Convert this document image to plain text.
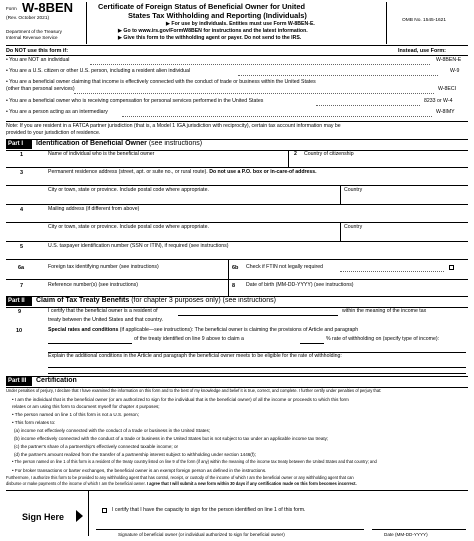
Form W-8BEN
(Rev. October 2021)
Department of the Treasury
Internal Revenue Service
Certificate of Foreign Status of Beneficial Owner for United
States Tax Withholding and Reporting (Individuals)
▶ For use by individuals. Entities must use Form W-8BEN-E.
▶ Go to www.irs.gov/FormW8BEN for instructions and the latest information.
▶ Give this form to the withholding agent or payer. Do not send to the IRS.
OMB No. 1545-1621
Do NOT use this form if:	Instead, use Form:
• You are NOT an individual	W-8BEN-E
• You are a U.S. citizen or other U.S. person, including a resident alien individual	W-9
• You are a beneficial owner claiming that income is effectively connected with the conduct of trade or business within the United States
(other than personal services)	W-8ECI
• You are a beneficial owner who is receiving compensation for personal services performed in the United States	8233 or W-4
• You are a person acting as an intermediary	W-8IMY
Note: If you are resident in a FATCA partner jurisdiction (that is, a Model 1 IGA jurisdiction with reciprocity), certain tax account information may be
provided to your jurisdiction of residence.
Part I	Identification of Beneficial Owner (see instructions)
1	Name of individual who is the beneficial owner	2 Country of citizenship
3	Permanent residence address (street, apt. or suite no., or rural route). Do not use a P.O. box or in-care-of address.
City or town, state or province. Include postal code where appropriate.	Country
4	Mailing address (if different from above)
City or town, state or province. Include postal code where appropriate.	Country
5	U.S. taxpayer identification number (SSN or ITIN), if required (see instructions)
6a	Foreign tax identifying number (see instructions)	6b Check if FTIN not legally required
7	Reference number(s) (see instructions)	8 Date of birth (MM-DD-YYYY) (see instructions)
Part II	Claim of Tax Treaty Benefits (for chapter 3 purposes only) (see instructions)
9	I certify that the beneficial owner is a resident of	within the meaning of the income tax
treaty between the United States and that country.
10	Special rates and conditions (if applicable—see instructions): The beneficial owner is claiming the provisions of Article and paragraph
of the treaty identified on line 9 above to claim a	% rate of withholding on (specify type of income):
Explain the additional conditions in the Article and paragraph the beneficial owner meets to be eligible for the rate of withholding:
Part III	Certification
Under penalties of perjury, I declare that I have examined the information on this form and to the best of my knowledge and belief it is true, correct, and complete. I further certify under penalties of perjury that:
• I am the individual that is the beneficial owner (or am authorized to sign for the individual that is the beneficial owner) of all the income or proceeds to which this form
relates or am using this form to document myself for chapter 4 purposes;
• The person named on line 1 of this form is not a U.S. person;
• This form relates to:
(a) income not effectively connected with the conduct of a trade or business in the United States;
(b) income effectively connected with the conduct of a trade or business in the United States but is not subject to tax under an applicable income tax treaty;
(c) the partner's share of a partnership's effectively connected taxable income; or
(d) the partner's amount realized from the transfer of a partnership interest subject to withholding under section 1446(f);
• The person named on line 1 of this form is a resident of the treaty country listed on line 9 of the form (if any) within the meaning of the income tax treaty between the United States and that country; and
• For broker transactions or barter exchanges, the beneficial owner is an exempt foreign person as defined in the instructions.
Furthermore, I authorize this form to be provided to any withholding agent that has control, receipt, or custody of the income of which I am the beneficial owner or any withholding agent that can
disburse or make payments of the income of which I am the beneficial owner. I agree that I will submit a new form within 30 days if any certification made on this form becomes incorrect.
Sign Here
I certify that I have the capacity to sign for the person identified on line 1 of this form.
Signature of beneficial owner (or individual authorized to sign for beneficial owner)	Date (MM-DD-YYYY)
